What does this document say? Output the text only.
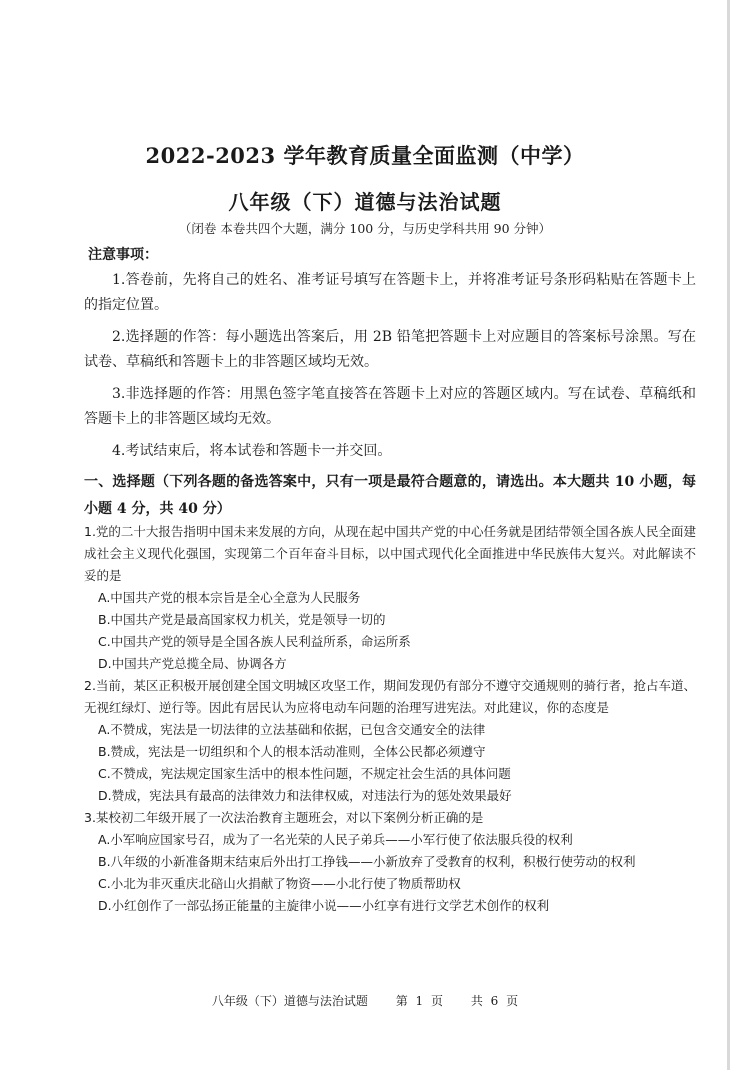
2022-2023 学年教育质量全面监测（中学）
八年级（下）道德与法治试题
（闭卷 本卷共四个大题，满分 100 分，与历史学科共用 90 分钟）
注意事项：
1.答卷前，先将自己的姓名、准考证号填写在答题卡上，并将准考证号条形码粘贴在答题卡上的指定位置。
2.选择题的作答：每小题选出答案后，用 2B 铅笔把答题卡上对应题目的答案标号涂黑。写在试卷、草稿纸和答题卡上的非答题区域均无效。
3.非选择题的作答：用黑色签字笔直接答在答题卡上对应的答题区域内。写在试卷、草稿纸和答题卡上的非答题区域均无效。
4.考试结束后，将本试卷和答题卡一并交回。
一、选择题（下列各题的备选答案中，只有一项是最符合题意的，请选出。本大题共 10 小题，每小题 4 分，共 40 分）
1.党的二十大报告指明中国未来发展的方向，从现在起中国共产党的中心任务就是团结带领全国各族人民全面建成社会主义现代化强国，实现第二个百年奋斗目标，以中国式现代化全面推进中华民族伟大复兴。对此解读不妥的是
A.中国共产党的根本宗旨是全心全意为人民服务
B.中国共产党是最高国家权力机关，党是领导一切的
C.中国共产党的领导是全国各族人民利益所系，命运所系
D.中国共产党总揽全局、协调各方
2.当前，某区正积极开展创建全国文明城区攻坚工作，期间发现仍有部分不遵守交通规则的骑行者，抢占车道、无视红绿灯、逆行等。因此有居民认为应将电动车问题的治理写进宪法。对此建议，你的态度是
A.不赞成，宪法是一切法律的立法基础和依据，已包含交通安全的法律
B.赞成，宪法是一切组织和个人的根本活动准则，全体公民都必须遵守
C.不赞成，宪法规定国家生活中的根本性问题，不规定社会生活的具体问题
D.赞成，宪法具有最高的法律效力和法律权威，对违法行为的惩处效果最好
3.某校初二年级开展了一次法治教育主题班会，对以下案例分析正确的是
A.小军响应国家号召，成为了一名光荣的人民子弟兵——小军行使了依法服兵役的权利
B.八年级的小新准备期末结束后外出打工挣钱——小新放弃了受教育的权利，积极行使劳动的权利
C.小北为非灭重庆北碚山火捐献了物资——小北行使了物质帮助权
D.小红创作了一部弘扬正能量的主旋律小说——小红享有进行文学艺术创作的权利
八年级（下）道德与法治试题 第 1 页 共 6 页
